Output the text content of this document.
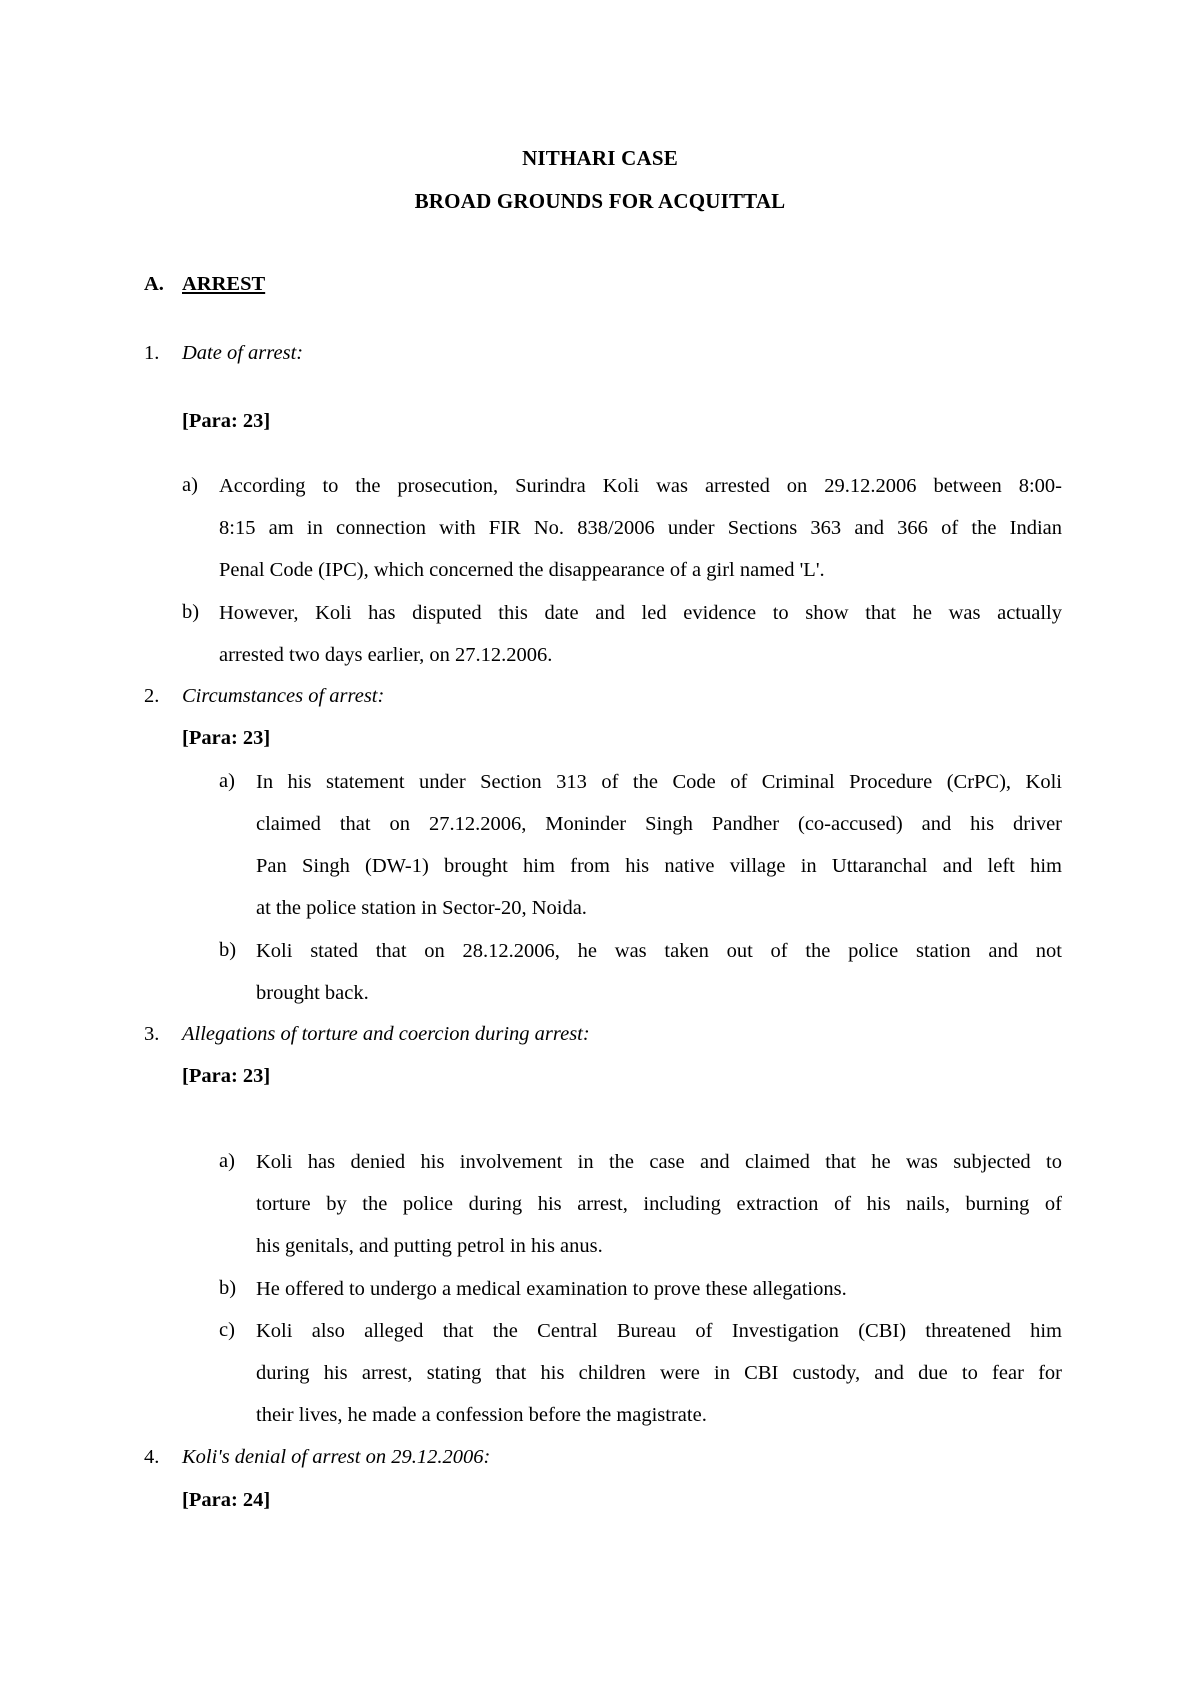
NITHARI CASE
BROAD GROUNDS FOR ACQUITTAL
A. ARREST
1. Date of arrest:
[Para: 23]
a) According to the prosecution, Surindra Koli was arrested on 29.12.2006 between 8:00-
8:15 am in connection with FIR No. 838/2006 under Sections 363 and 366 of the Indian
Penal Code (IPC), which concerned the disappearance of a girl named 'L'.
b) However, Koli has disputed this date and led evidence to show that he was actually
arrested two days earlier, on 27.12.2006.
2. Circumstances of arrest:
[Para: 23]
a) In his statement under Section 313 of the Code of Criminal Procedure (CrPC), Koli
claimed that on 27.12.2006, Moninder Singh Pandher (co-accused) and his driver
Pan Singh (DW-1) brought him from his native village in Uttaranchal and left him
at the police station in Sector-20, Noida.
b) Koli stated that on 28.12.2006, he was taken out of the police station and not
brought back.
3. Allegations of torture and coercion during arrest:
[Para: 23]
a) Koli has denied his involvement in the case and claimed that he was subjected to
torture by the police during his arrest, including extraction of his nails, burning of
his genitals, and putting petrol in his anus.
b) He offered to undergo a medical examination to prove these allegations.
c) Koli also alleged that the Central Bureau of Investigation (CBI) threatened him
during his arrest, stating that his children were in CBI custody, and due to fear for
their lives, he made a confession before the magistrate.
4. Koli's denial of arrest on 29.12.2006:
[Para: 24]
